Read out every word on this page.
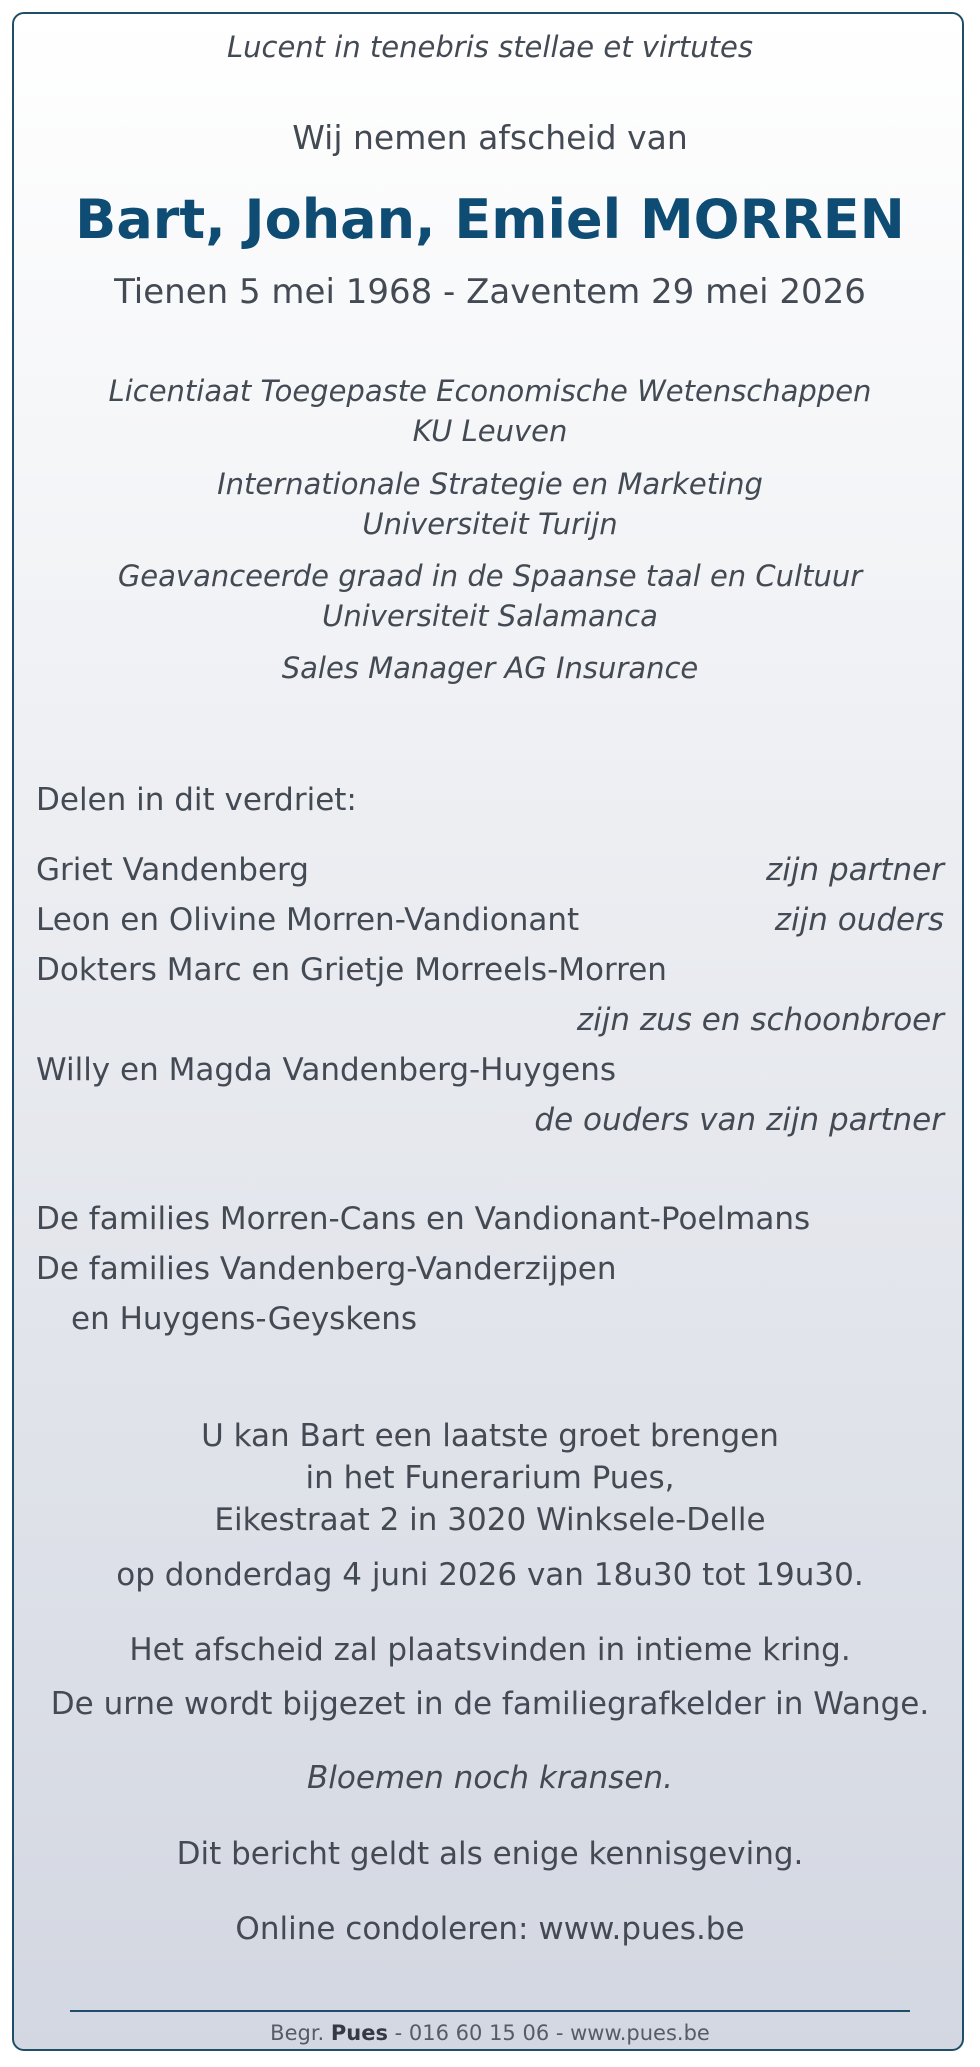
Lucent in tenebris stellae et virtutes
Wij nemen afscheid van
Bart, Johan, Emiel MORREN
Tienen 5 mei 1968 - Zaventem 29 mei 2026
Licentiaat Toegepaste Economische Wetenschappen
KU Leuven
Internationale Strategie en Marketing
Universiteit Turijn
Geavanceerde graad in de Spaanse taal en Cultuur
Universiteit Salamanca
Sales Manager AG Insurance
Delen in dit verdriet:
Griet Vandenberg	zijn partner
Leon en Olivine Morren-Vandionant	zijn ouders
Dokters Marc en Grietje Morreels-Morren
zijn zus en schoonbroer
Willy en Magda Vandenberg-Huygens
de ouders van zijn partner
De families Morren-Cans en Vandionant-Poelmans
De families Vandenberg-Vanderzijpen
en Huygens-Geyskens
U kan Bart een laatste groet brengen
in het Funerarium Pues,
Eikestraat 2 in 3020 Winksele-Delle
op donderdag 4 juni 2026 van 18u30 tot 19u30.
Het afscheid zal plaatsvinden in intieme kring.
De urne wordt bijgezet in de familiegrafkelder in Wange.
Bloemen noch kransen.
Dit bericht geldt als enige kennisgeving.
Online condoleren: www.pues.be
Begr. Pues - 016 60 15 06 - www.pues.be
